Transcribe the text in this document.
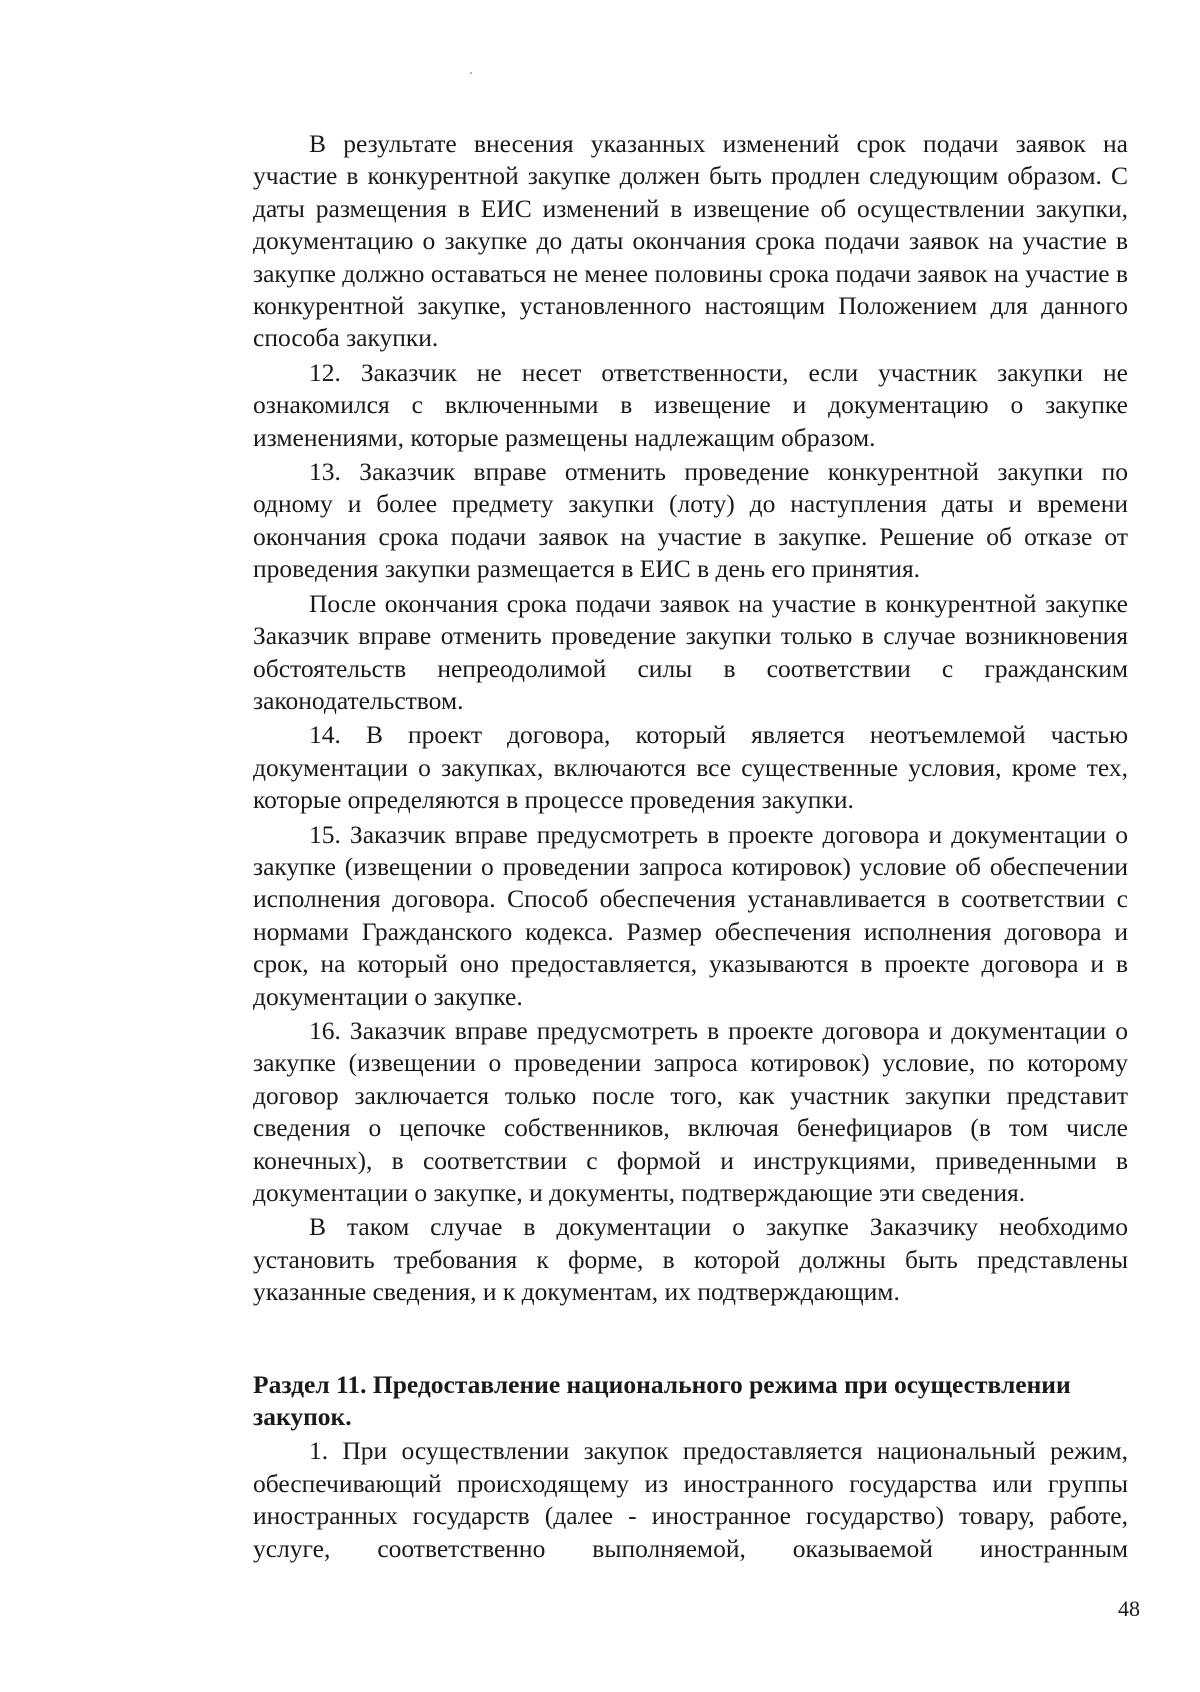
В результате внесения указанных изменений срок подачи заявок на участие в конкурентной закупке должен быть продлен следующим образом. С даты размещения в ЕИС изменений в извещение об осуществлении закупки, документацию о закупке до даты окончания срока подачи заявок на участие в закупке должно оставаться не менее половины срока подачи заявок на участие в конкурентной закупке, установленного настоящим Положением для данного способа закупки.

12. Заказчик не несет ответственности, если участник закупки не ознакомился с включенными в извещение и документацию о закупке изменениями, которые размещены надлежащим образом.

13. Заказчик вправе отменить проведение конкурентной закупки по одному и более предмету закупки (лоту) до наступления даты и времени окончания срока подачи заявок на участие в закупке. Решение об отказе от проведения закупки размещается в ЕИС в день его принятия.

После окончания срока подачи заявок на участие в конкурентной закупке Заказчик вправе отменить проведение закупки только в случае возникновения обстоятельств непреодолимой силы в соответствии с гражданским законодательством.

14. В проект договора, который является неотъемлемой частью документации о закупках, включаются все существенные условия, кроме тех, которые определяются в процессе проведения закупки.

15. Заказчик вправе предусмотреть в проекте договора и документации о закупке (извещении о проведении запроса котировок) условие об обеспечении исполнения договора. Способ обеспечения устанавливается в соответствии с нормами Гражданского кодекса. Размер обеспечения исполнения договора и срок, на который оно предоставляется, указываются в проекте договора и в документации о закупке.

16. Заказчик вправе предусмотреть в проекте договора и документации о закупке (извещении о проведении запроса котировок) условие, по которому договор заключается только после того, как участник закупки представит сведения о цепочке собственников, включая бенефициаров (в том числе конечных), в соответствии с формой и инструкциями, приведенными в документации о закупке, и документы, подтверждающие эти сведения.

В таком случае в документации о закупке Заказчику необходимо установить требования к форме, в которой должны быть представлены указанные сведения, и к документам, их подтверждающим.

Раздел 11. Предоставление национального режима при осуществлении закупок.

1. При осуществлении закупок предоставляется национальный режим, обеспечивающий происходящему из иностранного государства или группы иностранных государств (далее - иностранное государство) товару, работе, услуге, соответственно выполняемой, оказываемой иностранным

48
